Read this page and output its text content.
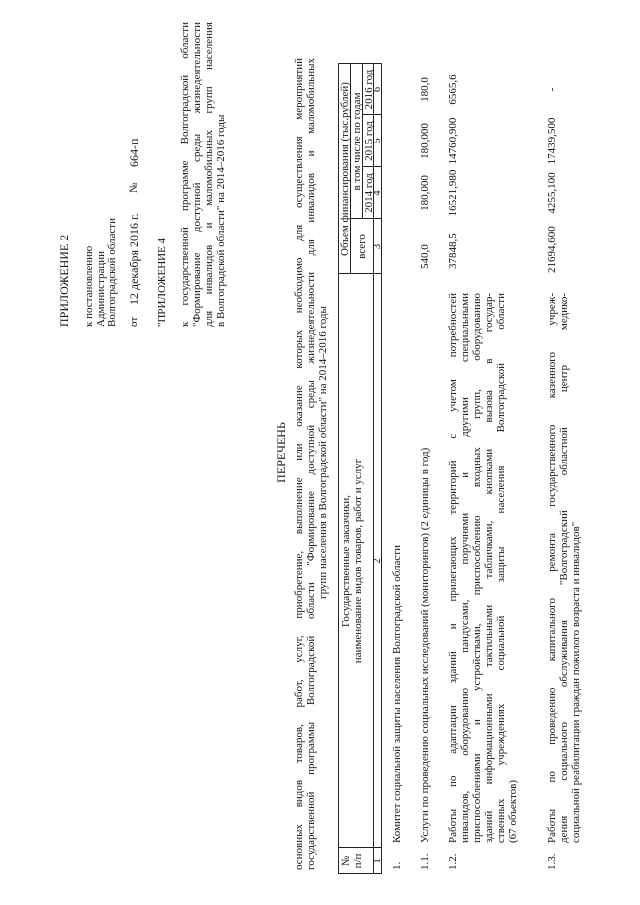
ПРИЛОЖЕНИЕ 2 к постановлению Администрации Волгоградской области от
12 декабря 2016 г.
№
664-п
"ПРИЛОЖЕНИЕ 4 к государственной программе Волгоградской области "Формирование доступной среды жизнедеятельности для инвалидов и маломобильных групп населения в Волгоградской области" на 2014–2016 годы
ПЕРЕЧЕНЬ основных видов товаров, работ, услуг, приобретение, выполнение или оказание которых необходимо для осуществления мероприятий государственной программы Волгоградской области "Формирование доступной среды жизнедеятельности для инвалидов и маломобильных групп населения в Волгоградской области" на 2014–2016 годы
№ п/п
Государственные заказчики, наименование видов товаров, работ и услуг
Объем финансирования (тыс.рублей) всего
в том числе по годам
2014 год
2015 год
2016 год
1
2
3
4
5
6
1.
Комитет социальной защиты населения Волгоградской области
1.1.
Услуги по проведению социальных исследований (мониторингов) (2 единицы в год)
540,0
180,000
180,000
180,0
1.2.
Работы по адаптации зданий и прилегающих территорий с учетом потребностей инвалидов, оборудованию пандусами, поручнями и другими специальными приспособлениями и устройствами, приспособлению входных групп, оборудованию зданий информационными тактильными табличками, кнопками вызова в государ- ственных учреждениях социальной защиты населения Волгоградской области (67 объектов)
37848,5
16521,980
14760,900
6565,6
1.3.
Работы по проведению капитального ремонта государственного казенного учреж- дения социального обслуживания "Волгоградский областной центр медико- социальной реабилитации граждан пожилого возраста и инвалидов"
21694,600
4255,100
17439,500
-
